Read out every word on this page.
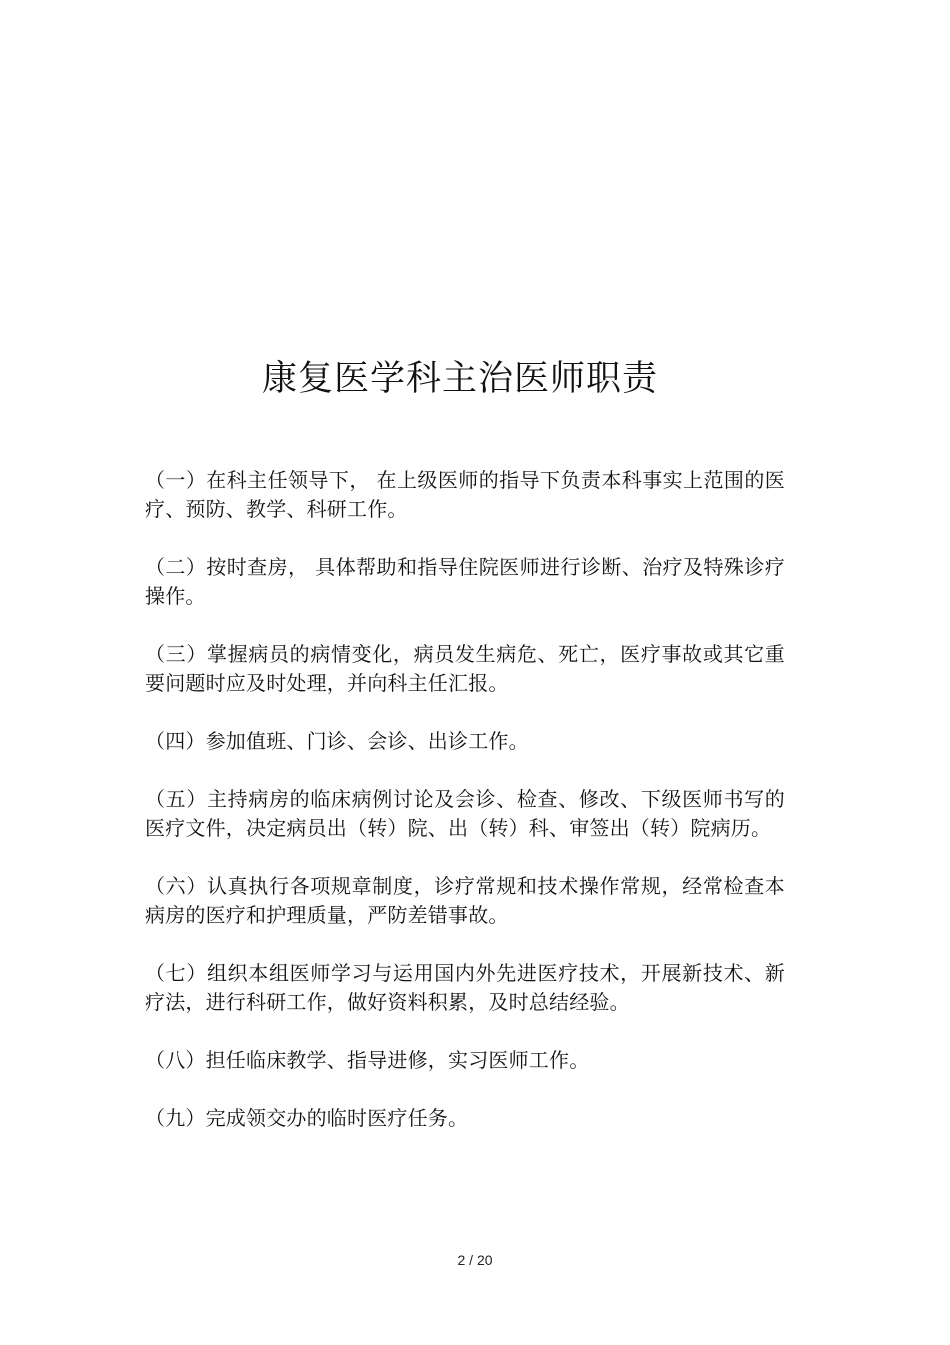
康复医学科主治医师职责
（一）在科主任领导下， 在上级医师的指导下负责本科事实上范围的医疗、预防、教学、科研工作。
（二）按时查房， 具体帮助和指导住院医师进行诊断、治疗及特殊诊疗操作。
（三）掌握病员的病情变化，病员发生病危、死亡，医疗事故或其它重要问题时应及时处理，并向科主任汇报。
（四）参加值班、门诊、会诊、出诊工作。
（五）主持病房的临床病例讨论及会诊、检查、修改、下级医师书写的医疗文件，决定病员出（转）院、出（转）科、审签出（转）院病历。
（六）认真执行各项规章制度，诊疗常规和技术操作常规，经常检查本病房的医疗和护理质量，严防差错事故。
（七）组织本组医师学习与运用国内外先进医疗技术，开展新技术、新疗法，进行科研工作，做好资料积累，及时总结经验。
（八）担任临床教学、指导进修，实习医师工作。
（九）完成领交办的临时医疗任务。
2 / 20
